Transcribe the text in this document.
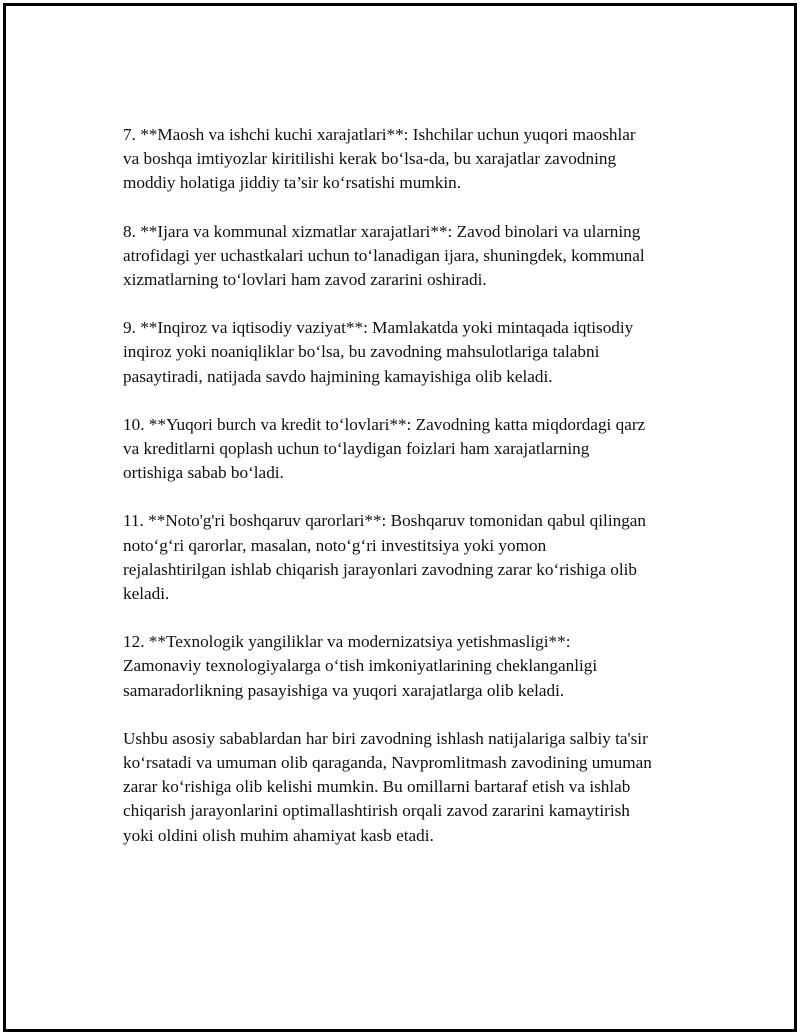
7. **Maosh va ishchi kuchi xarajatlari**: Ishchilar uchun yuqori maoshlar
va boshqa imtiyozlar kiritilishi kerak bo‘lsa-da, bu xarajatlar zavodning
moddiy holatiga jiddiy ta’sir ko‘rsatishi mumkin.

8. **Ijara va kommunal xizmatlar xarajatlari**: Zavod binolari va ularning
atrofidagi yer uchastkalari uchun to‘lanadigan ijara, shuningdek, kommunal
xizmatlarning to‘lovlari ham zavod zararini oshiradi.

9. **Inqiroz va iqtisodiy vaziyat**: Mamlakatda yoki mintaqada iqtisodiy
inqiroz yoki noaniqliklar bo‘lsa, bu zavodning mahsulotlariga talabni
pasaytiradi, natijada savdo hajmining kamayishiga olib keladi.

10. **Yuqori burch va kredit to‘lovlari**: Zavodning katta miqdordagi qarz
va kreditlarni qoplash uchun to‘laydigan foizlari ham xarajatlarning
ortishiga sabab bo‘ladi.

11. **Noto'g'ri boshqaruv qarorlari**: Boshqaruv tomonidan qabul qilingan
noto‘g‘ri qarorlar, masalan, noto‘g‘ri investitsiya yoki yomon
rejalashtirilgan ishlab chiqarish jarayonlari zavodning zarar ko‘rishiga olib
keladi.

12. **Texnologik yangiliklar va modernizatsiya yetishmasligi**:
Zamonaviy texnologiyalarga o‘tish imkoniyatlarining cheklanganligi
samaradorlikning pasayishiga va yuqori xarajatlarga olib keladi.

Ushbu asosiy sabablardan har biri zavodning ishlash natijalariga salbiy ta'sir
ko‘rsatadi va umuman olib qaraganda, Navpromlitmash zavodining umuman
zarar ko‘rishiga olib kelishi mumkin. Bu omillarni bartaraf etish va ishlab
chiqarish jarayonlarini optimallashtirish orqali zavod zararini kamaytirish
yoki oldini olish muhim ahamiyat kasb etadi.
